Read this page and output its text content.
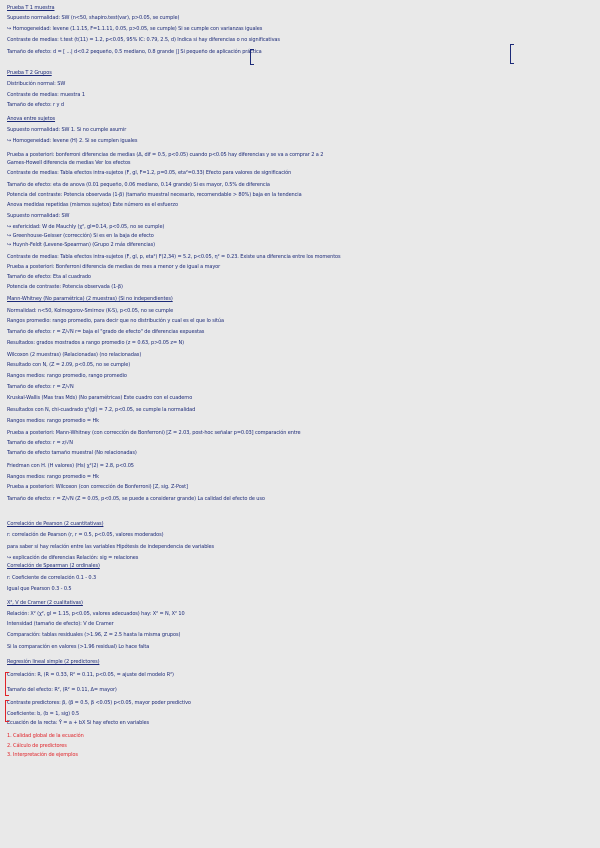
Prueba T 1 muestra
Supuesto normalidad: SW (n<50, shapiro.test(var), p>0.05, se cumple)
↪ Homogeneidad: levene (1.1.15, F=1.1.11, 0.05, p>0.05, se cumple) Si se cumple con varianzas iguales
Contraste de medias: t.test (t(11) = 1.2, p<0.05, 95% IC: 0.79, 2.5, d) Indica si hay diferencias o no significativas
Tamaño de efecto: d = [ ...| d<0.2 pequeño, 0.5 mediano, 0.8 grande |] Si pequeño de aplicación práctica
Prueba T 2 Grupos
Distribución normal: SW
Contraste de medias: muestra 1
Tamaño de efecto: r y d
Anova entre sujetos
Supuesto normalidad: SW 1. Si no cumple asumir
↪ Homogeneidad: levene (H) 2. Si se cumplen iguales
Prueba a posteriori: bonferroni diferencias de medias (Δ, dif = 0.5, p<0.05) cuando p<0.05 hay diferencias y se va a comprar 2 a 2
Games-Howell diferencia de medias Ver los efectos
Contraste de medias: Tabla efectos intra-sujetos (F, gl, F=1.2, p=0.05, eta²=0.33) Efecto para valores de significación
Tamaño de efecto: eta de anova (0.01 pequeño, 0.06 mediano, 0.14 grande) Si es mayor, 0.5% de diferencia
Potencia del contraste: Potencia observada (1-β) (tamaño muestral necesario, recomendable > 80%) baja en la tendencia
Anova medidas repetidas (mismos sujetos) Este número es el esfuerzo
Supuesto normalidad: SW
↪ esfericidad: W de Mauchly (χ², gl=0.14, p<0.05, no se cumple)
↪ Greenhouse-Geisser (corrección) Si es en la baja de efecto
↪ Huynh-Feldt (Levene-Spearman) (Grupo 2 más diferencias)
Contraste de medias: Tabla efectos intra-sujetos (F, gl, p, eta²) F(2,34) = 5.2, p<0.05, η² = 0.23. Existe una diferencia entre los momentos
Prueba a posteriori: Bonferroni diferencia de medias de mes a menor y de igual a mayor
Tamaño de efecto: Eta al cuadrado
Potencia de contraste: Potencia observada (1-β)
Mann-Whitney (No paramétrica) (2 muestras) (Si no independientes)
Normalidad: n<50, Kolmogorov-Smirnov (K-S), p<0.05, no se cumple
Rangos promedio: rango promedio, para decir que no distribución y cual es el que lo sitúa
Tamaño de efecto: r = Z/√N r= baja el "grado de efecto" de diferencias expuestas
Resultados: grados mostrados a rango promedio (z = 0.63, p>0.05 z= N)
Wilcoxon (2 muestras) (Relacionadas) (no relacionadas)
Resultado con N, (Z = 2.09, p<0.05, no se cumple)
Rangos medios: rango promedio, rango promedio
Tamaño de efecto: r = Z/√N
Kruskal-Wallis (Mas tras Mds) (No paramétricas) Este cuadro con el cuaderno
Resultados con N, chi-cuadrado χ²(gl) = 7.2, p<0.05, se cumple la normalidad
Rangos medios: rango promedio = Hk
Prueba a posteriori: Mann-Whitney (con corrección de Bonferroni) [Z = 2.03, post-hoc señalar p=0.03] comparación entre
Tamaño de efecto: r = z/√N
Tamaño de efecto tamaño muestral (No relacionadas)
Friedman con H. (H valores) (Hs) χ²(2) = 2.8, p<0.05
Rangos medios: rango promedio = Hk
Prueba a posteriori: Wilcoxon (con corrección de Bonferroni) [Z, sig. Z-Post]
Tamaño de efecto: r = Z/√N (Z = 0.05, p<0.05, se puede a considerar grande) La calidad del efecto de uso
Correlación de Pearson (2 cuantitativas)
r: correlación de Pearson (r, r = 0.5, p<0.05, valores moderados)
para saber si hay relación entre las variables Hipótesis de independencia de variables
↪ explicación de diferencias Relación: sig = relaciones
Correlación de Spearman (2 ordinales)
r: Coeficiente de correlación 0.1 - 0.3
Igual que Pearson 0.3 - 0.5
X², V de Cramer (2 cualitativas)
Relación: X² (χ², gl = 1.15, p<0.05, valores adecuados) hay: X² = N, X² 10
Intensidad (tamaño de efecto): V de Cramer
Comparación: tablas residuales (>1.96, Z = 2.5 hasta la misma grupos)
Si la comparación en valores (>1.96 residual) Lo hace falta
Regresión lineal simple (2 predictores)
Correlación: R, (R = 0.33, R² = 0.11, p<0.05, = ajuste del modelo R²)
Tamaño del efecto: R², (R² = 0.11, Δ= mayor)
Contraste predictores: β, (β = 0.5, β <0.05) p<0.05, mayor poder predictivo
Coeficiente: b, (b = 1, sig) 0.5
Ecuación de la recta: Ŷ = a + bX Si hay efecto en variables
1. Calidad global de la ecuación
2. Cálculo de predictores
3. Interpretación de ejemplos
